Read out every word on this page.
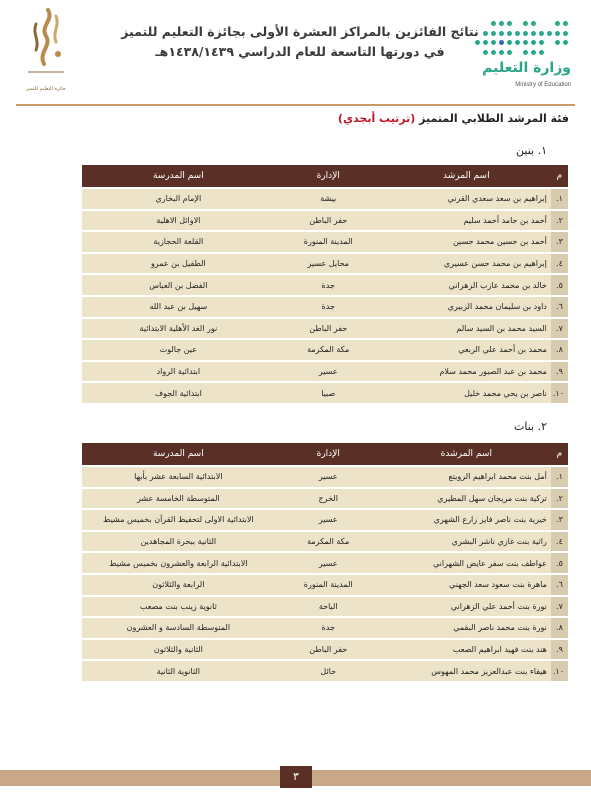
وزارة التعليم
Ministry of Education

نتائج الفائزين بالمراكز العشرة الأولى بجائزة التعليم للتميز

في دورتها التاسعة للعام الدراسي ١٤٣٨/١٤٣٩هـ

جائزة التعليم للتميز
فئة المرشد الطلابي المتميز (ترتيب أبجدي)
١. بنين
م	اسم المرشد	الإدارة	اسم المدرسة
١.	إبراهيم بن سعد سعدي القرني	بيشة	الإمام البخاري
٢.	أحمد بن حامد أحمد سليم	حفر الباطن	الاوائل الاهلية
٣.	أحمد بن حسين محمد حسين	المدينة المنورة	القلعة الحجازية
٤.	إبراهيم بن محمد حسن عسيري	محايل عسير	الطفيل بن عمرو
٥.	خالد بن محمد عازب الزهراني	جدة	الفضل بن العباس
٦.	داود بن سليمان محمد الزبيري	جدة	سهيل بن عبد الله
٧.	السيد محمد بن السيد سالم	حفر الباطن	نور الغد الأهلية الابتدائية
٨.	محمد بن أحمد علي الربعي	مكة المكرمة	عين جالوت
٩.	محمد بن عبد الصبور محمد سلام	عسير	ابتدائية الرواد
١٠.	ناصر بن يحي محمد خليل	صبيا	ابتدائية الجوف
٢. بنات
م	اسم المرشدة	الإدارة	اسم المدرسة
١.	أمل بنت محمد ابراهيم الرويتع	عسير	الابتدائية السابعة عشر بأبها
٢.	تركية بنت مريجان سهل المطيري	الخرج	المتوسطة الخامسة عشر
٣.	خيرية بنت ناصر فايز زارع الشهري	عسير	الابتدائية الاولى لتحفيظ القرآن بخميس مشيط
٤.	راثية بنت غازي ناشر البشري	مكة المكرمة	الثانية ببحرة المجاهدين
٥.	عواطف بنت سفر عايض الشهراني	عسير	الابتدائية الرابعة والعشرون بخميس مشيط
٦.	ماهرة بنت سعود سعد الجهني	المدينة المنورة	الرابعة والثلاثون
٧.	نورة بنت أحمد علي الزهراني	الباحة	ثانوية زينب بنت مصعب
٨.	نورة بنت محمد ناصر البقمي	جدة	المتوسطة السادسة و العشرون
٩.	هند بنت فهيد ابراهيم الصعب	حفر الباطن	الثانية والثلاثون
١٠.	هيفاء بنت عبدالعزيز محمد المهوس	حائل	الثانوية الثانية
٣
